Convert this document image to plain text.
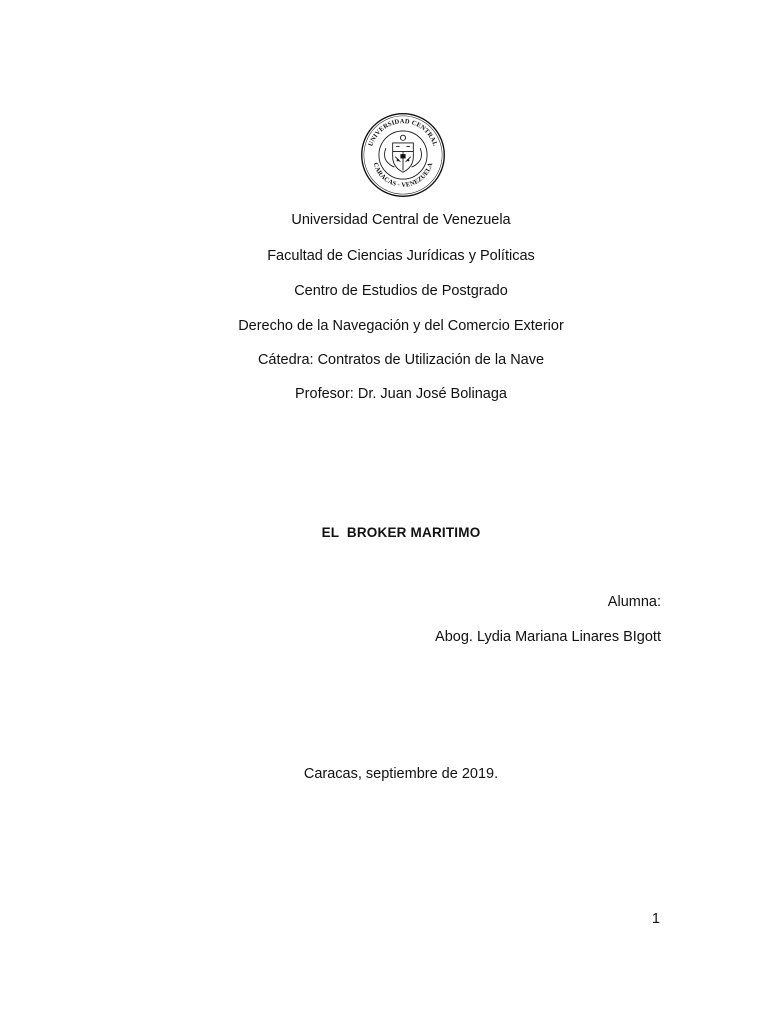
UNIVERSIDAD CENTRAL
CARACAS - VENEZUELA
Universidad Central de Venezuela
Facultad de Ciencias Jurídicas y Políticas
Centro de Estudios de Postgrado
Derecho de la Navegación y del Comercio Exterior
Cátedra: Contratos de Utilización de la Nave
Profesor: Dr. Juan José Bolinaga
EL  BROKER MARITIMO
Alumna:
Abog. Lydia Mariana Linares BIgott
Caracas, septiembre de 2019.
1
